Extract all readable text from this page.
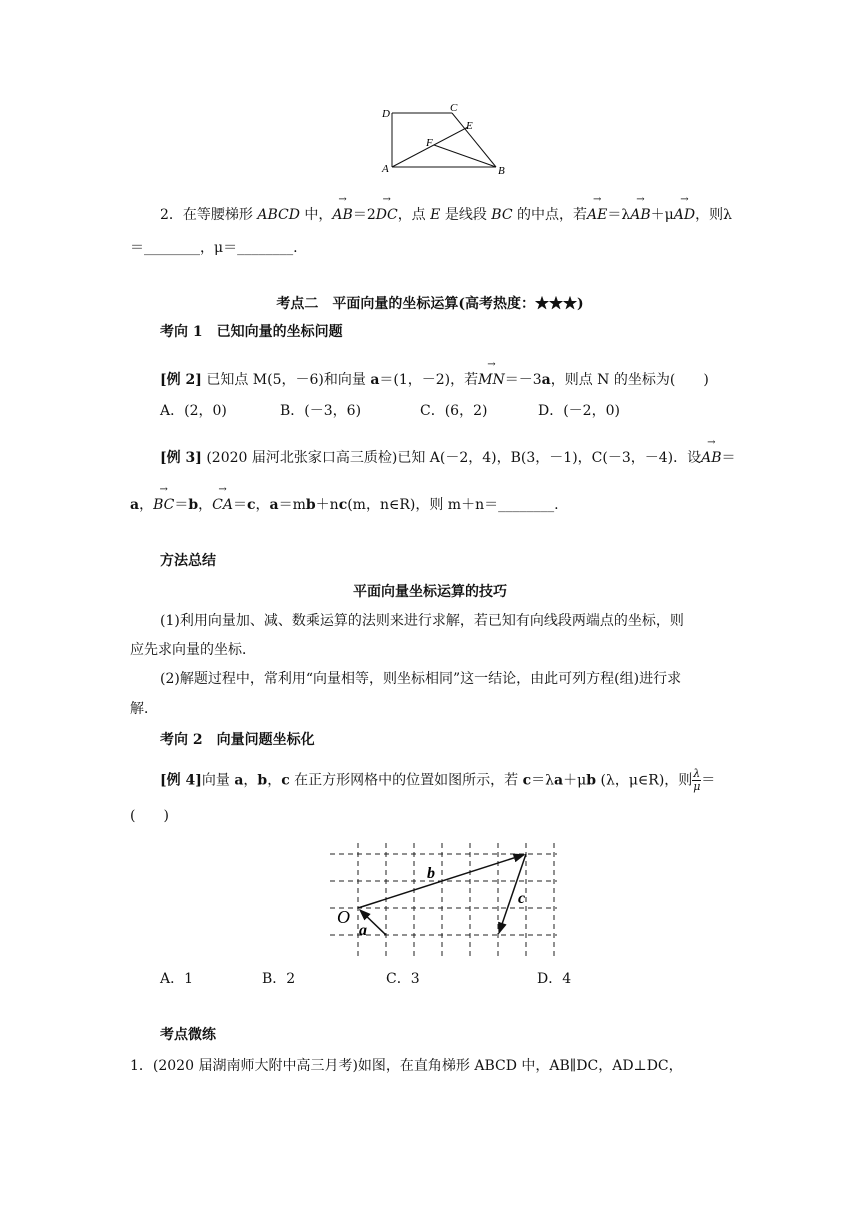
D	C
E
F
A	B
2．在等腰梯形 ABCD 中，→ AB＝2→ DC，点 E 是线段 BC 的中点，若→ AE＝λ→ AB＋μ→ AD，则λ
＝________，μ＝________.
考点二　平面向量的坐标运算(高考热度：★★★)
考向 1　已知向量的坐标问题
[例 2] 已知点 M(5，－6)和向量 a＝(1，－2)，若→ MN＝－3a，则点 N 的坐标为(　　)
A．(2，0)	B．(－3，6)	C．(6，2)	D．(－2，0)
[例 3] (2020 届河北张家口高三质检)已知 A(－2，4)，B(3，－1)，C(－3，－4)．设→ AB＝
a，→ BC＝b，→ CA＝c，a＝mb＋nc(m，n∈R)，则 m＋n＝________.
方法总结
平面向量坐标运算的技巧
(1)利用向量加、减、数乘运算的法则来进行求解，若已知有向线段两端点的坐标，则
应先求向量的坐标．
(2)解题过程中，常利用“向量相等，则坐标相同”这一结论，由此可列方程(组)进行求
解．
考向 2　向量问题坐标化
[例 4]向量 a，b，c 在正方形网格中的位置如图所示，若 c＝λa＋μb (λ，μ∈R)，则 $\frac{\lambda}{\mu}$ ＝
(　　)
O
a
b
c
A．1	B．2	C．3	D．4
考点微练
1．(2020 届湖南师大附中高三月考)如图，在直角梯形 ABCD 中，AB∥DC，AD⊥DC，
